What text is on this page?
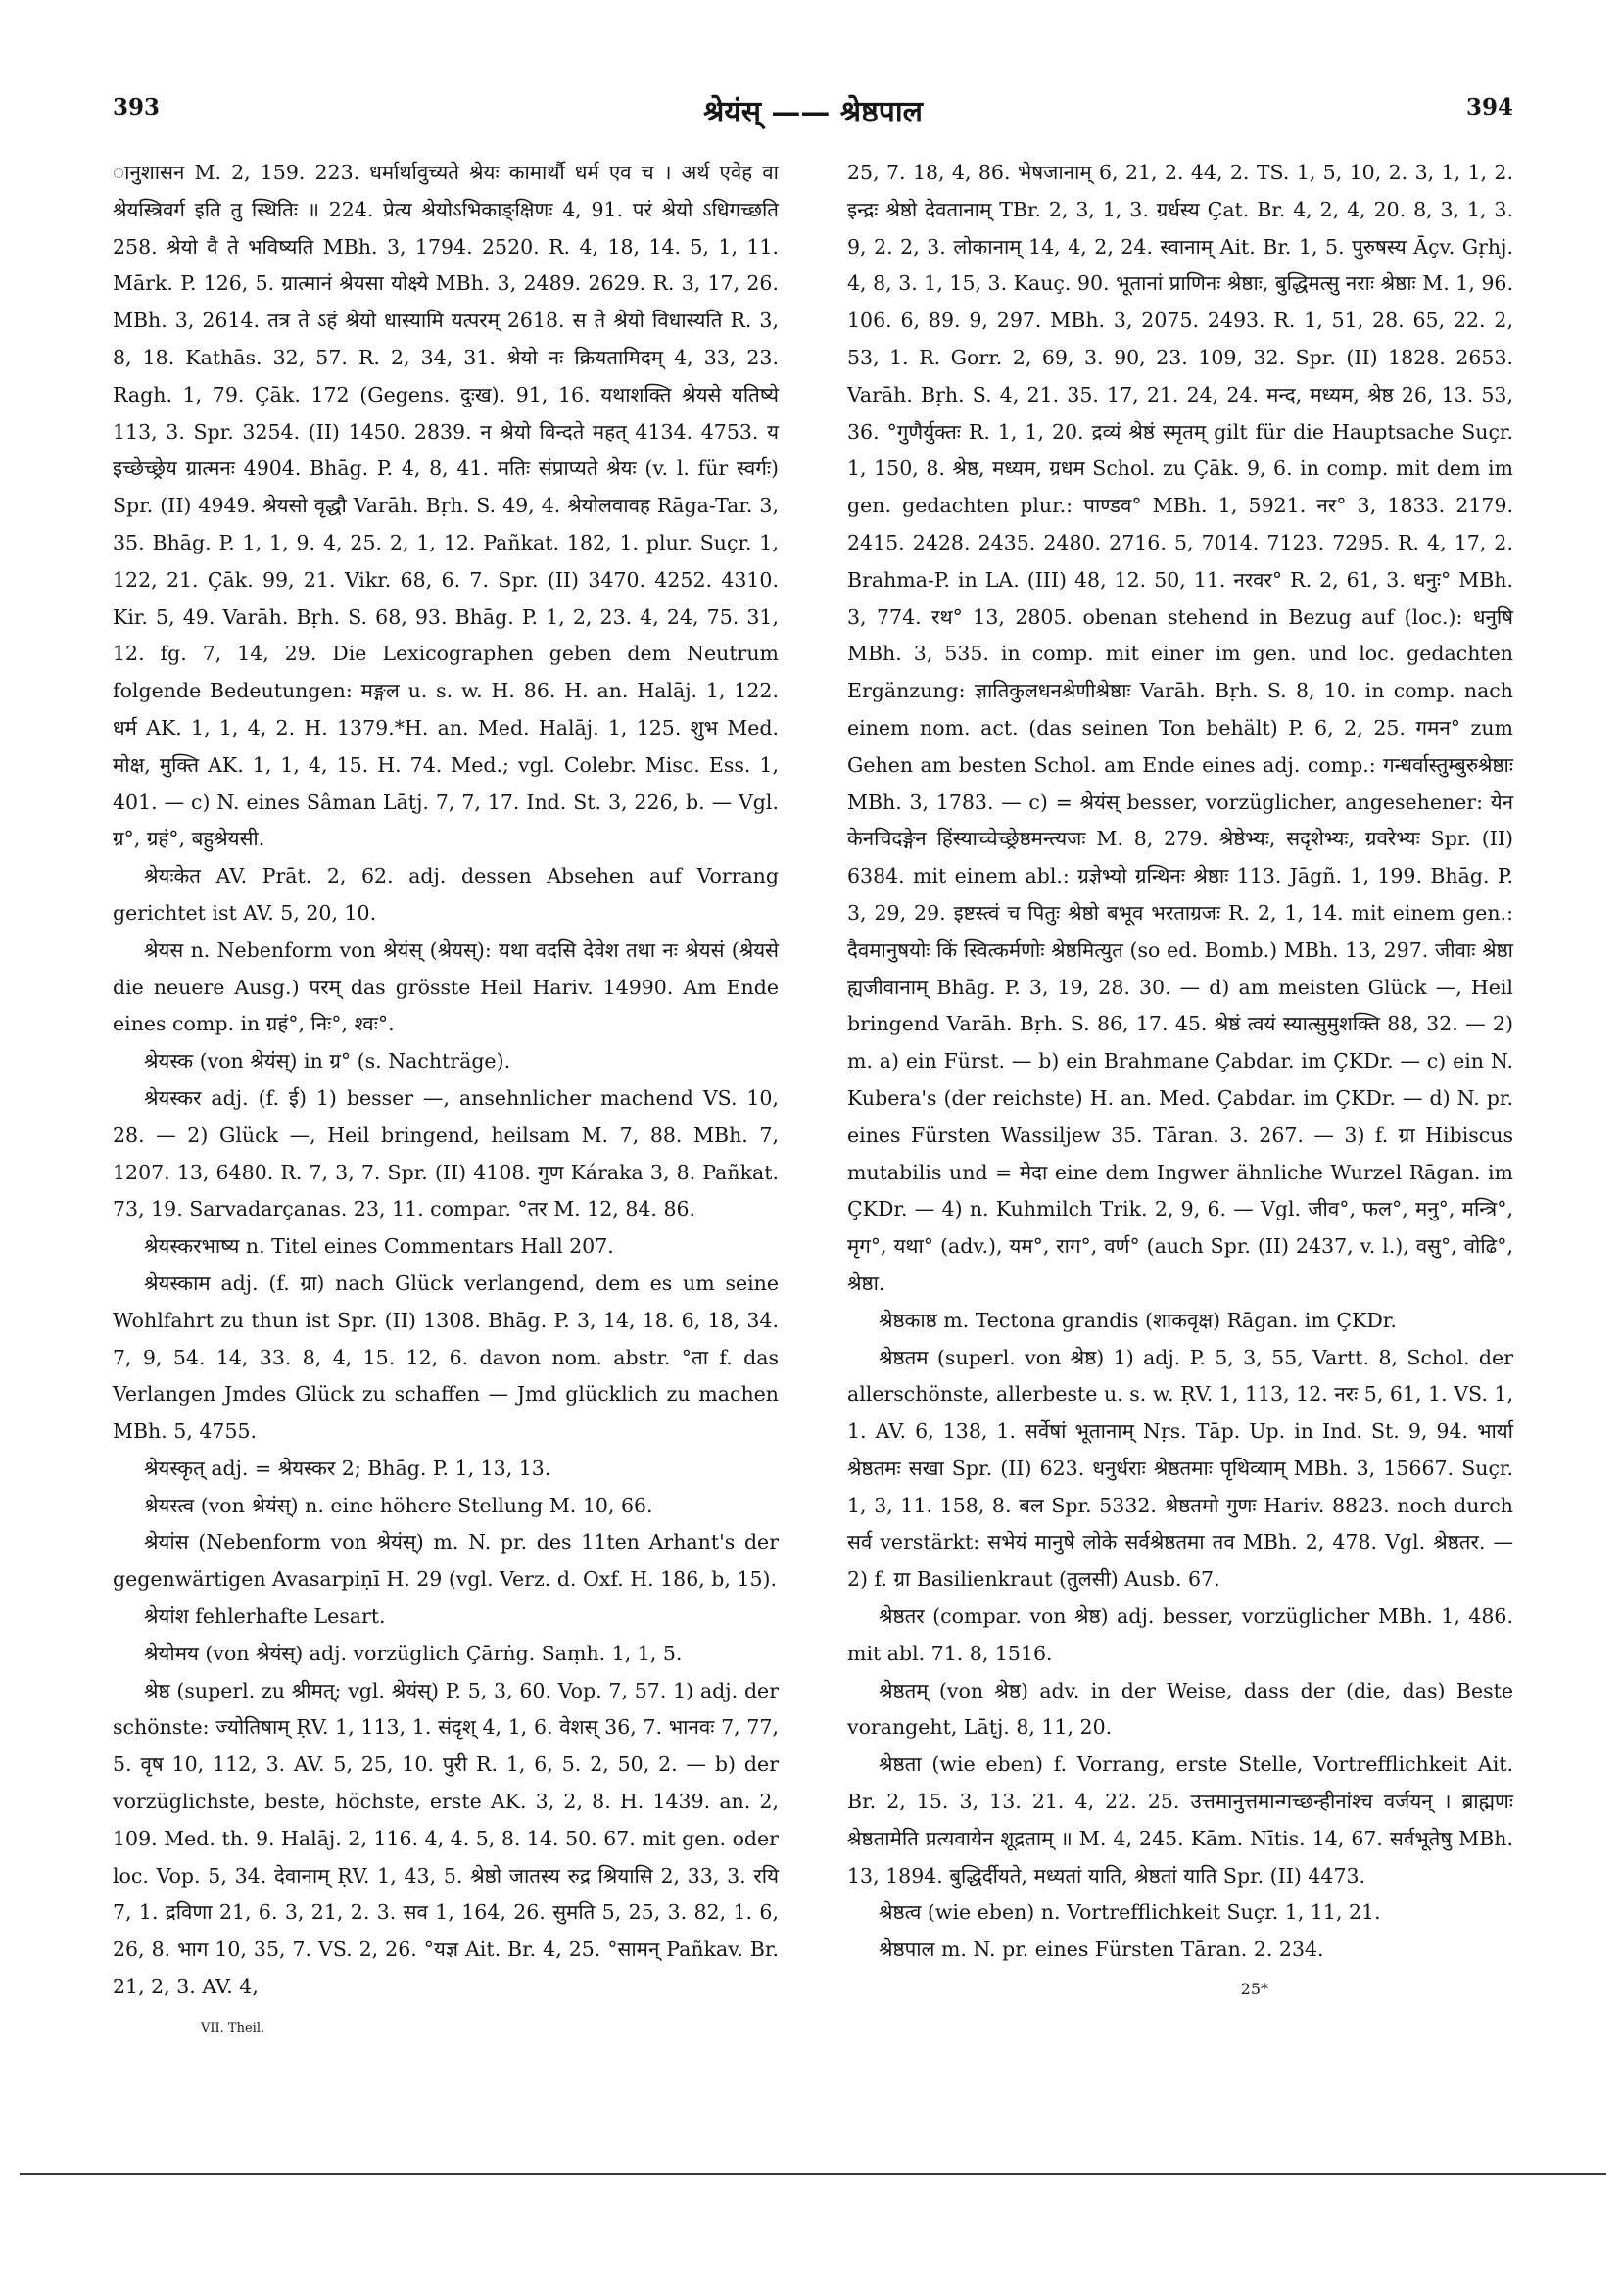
393	श्रेयंस् —— श्रेष्ठपाल	394

ानुशासन M. 2, 159. 223. धर्मार्थावुच्यते श्रेयः कामार्थौ धर्म एव च । अर्थ एवेह वा श्रेयस्त्रिवर्ग इति तु स्थितिः ॥ 224. प्रेत्य श्रेयोऽभिकाङ्क्षिणः 4, 91. परं श्रेयो ऽधिगच्छति 258. श्रेयो वै ते भविष्यति MBh. 3, 1794. 2520. R. 4, 18, 14. 5, 1, 11. Mārk. P. 126, 5. ग्रात्मानं श्रेयसा योक्ष्ये MBh. 3, 2489. 2629. R. 3, 17, 26. MBh. 3, 2614. तत्र ते ऽहं श्रेयो धास्यामि यत्परम् 2618. स ते श्रेयो विधास्यति R. 3, 8, 18. Kathās. 32, 57. R. 2, 34, 31. श्रेयो नः क्रियतामिदम् 4, 33, 23. Ragh. 1, 79. Çāk. 172 (Gegens. दुःख). 91, 16. यथाशक्ति श्रेयसे यतिष्ये 113, 3. Spr. 3254. (II) 1450. 2839. न श्रेयो विन्दते महत् 4134. 4753. य इच्छेच्छ्रेय ग्रात्मनः 4904. Bhāg. P. 4, 8, 41. मतिः संप्राप्यते श्रेयः (v. l. für स्वर्गः) Spr. (II) 4949. श्रेयसो वृद्धौ Varāh. Bṛh. S. 49, 4. श्रेयोलवावह Rāga-Tar. 3, 35. Bhāg. P. 1, 1, 9. 4, 25. 2, 1, 12. Pañkat. 182, 1. plur. Suçr. 1, 122, 21. Çāk. 99, 21. Vikr. 68, 6. 7. Spr. (II) 3470. 4252. 4310. Kir. 5, 49. Varāh. Bṛh. S. 68, 93. Bhāg. P. 1, 2, 23. 4, 24, 75. 31, 12. fg. 7, 14, 29. Die Lexicographen geben dem Neutrum folgende Bedeutungen: मङ्गल u. s. w. H. 86. H. an. Halāj. 1, 122. धर्म AK. 1, 1, 4, 2. H. 1379.*H. an. Med. Halāj. 1, 125. शुभ Med. मोक्ष, मुक्ति AK. 1, 1, 4, 15. H. 74. Med.; vgl. Colebr. Misc. Ess. 1, 401. — c) N. eines Sâman Lāṭj. 7, 7, 17. Ind. St. 3, 226, b. — Vgl. ग्र°, ग्रहं°, बहुश्रेयसी.

श्रेयःकेत AV. Prāt. 2, 62. adj. dessen Absehen auf Vorrang gerichtet ist AV. 5, 20, 10.

श्रेयस n. Nebenform von श्रेयंस् (श्रेयस्): यथा वदसि देवेश तथा नः श्रेयसं (श्रेयसे die neuere Ausg.) परम् das grösste Heil Hariv. 14990. Am Ende eines comp. in ग्रहं°, निः°, श्वः°.

श्रेयस्क (von श्रेयंस्) in ग्र° (s. Nachträge).

श्रेयस्कर adj. (f. ई) 1) besser —, ansehnlicher machend VS. 10, 28. — 2) Glück —, Heil bringend, heilsam M. 7, 88. MBh. 7, 1207. 13, 6480. R. 7, 3, 7. Spr. (II) 4108. गुण Káraka 3, 8. Pañkat. 73, 19. Sarvadarçanas. 23, 11. compar. °तर M. 12, 84. 86.

श्रेयस्करभाष्य n. Titel eines Commentars Hall 207.

श्रेयस्काम adj. (f. ग्रा) nach Glück verlangend, dem es um seine Wohlfahrt zu thun ist Spr. (II) 1308. Bhāg. P. 3, 14, 18. 6, 18, 34. 7, 9, 54. 14, 33. 8, 4, 15. 12, 6. davon nom. abstr. °ता f. das Verlangen Jmdes Glück zu schaffen — Jmd glücklich zu machen MBh. 5, 4755.

श्रेयस्कृत् adj. = श्रेयस्कर 2; Bhāg. P. 1, 13, 13.

श्रेयस्त्व (von श्रेयंस्) n. eine höhere Stellung M. 10, 66.

श्रेयांस (Nebenform von श्रेयंस्) m. N. pr. des 11ten Arhant's der gegenwärtigen Avasarpiṇī H. 29 (vgl. Verz. d. Oxf. H. 186, b, 15).

श्रेयांश fehlerhafte Lesart.

श्रेयोमय (von श्रेयंस्) adj. vorzüglich Çārṅg. Saṃh. 1, 1, 5.

श्रेष्ठ (superl. zu श्रीमत्; vgl. श्रेयंस्) P. 5, 3, 60. Vop. 7, 57. 1) adj. der schönste: ज्योतिषाम् ṚV. 1, 113, 1. संदृश् 4, 1, 6. वेशस् 36, 7. भानवः 7, 77, 5. वृष 10, 112, 3. AV. 5, 25, 10. पुरी R. 1, 6, 5. 2, 50, 2. — b) der vorzüglichste, beste, höchste, erste AK. 3, 2, 8. H. 1439. an. 2, 109. Med. th. 9. Halāj. 2, 116. 4, 4. 5, 8. 14. 50. 67. mit gen. oder loc. Vop. 5, 34. देवानाम् ṚV. 1, 43, 5. श्रेष्ठो जातस्य रुद्र श्रियासि 2, 33, 3. रयि 7, 1. द्रविणा 21, 6. 3, 21, 2. 3. सव 1, 164, 26. सुमति 5, 25, 3. 82, 1. 6, 26, 8. भाग 10, 35, 7. VS. 2, 26. °यज्ञ Ait. Br. 4, 25. °सामन् Pañkav. Br. 21, 2, 3. AV. 4,

VII. Theil.

25, 7. 18, 4, 86. भेषजानाम् 6, 21, 2. 44, 2. TS. 1, 5, 10, 2. 3, 1, 1, 2. इन्द्रः श्रेष्ठो देवतानाम् TBr. 2, 3, 1, 3. ग्रर्धस्य Çat. Br. 4, 2, 4, 20. 8, 3, 1, 3. 9, 2. 2, 3. लोकानाम् 14, 4, 2, 24. स्वानाम् Ait. Br. 1, 5. पुरुषस्य Āçv. Gṛhj. 4, 8, 3. 1, 15, 3. Kauç. 90. भूतानां प्राणिनः श्रेष्ठाः, बुद्धिमत्सु नराः श्रेष्ठाः M. 1, 96. 106. 6, 89. 9, 297. MBh. 3, 2075. 2493. R. 1, 51, 28. 65, 22. 2, 53, 1. R. Gorr. 2, 69, 3. 90, 23. 109, 32. Spr. (II) 1828. 2653. Varāh. Bṛh. S. 4, 21. 35. 17, 21. 24, 24. मन्द, मध्यम, श्रेष्ठ 26, 13. 53, 36. °गुणैर्युक्तः R. 1, 1, 20. द्रव्यं श्रेष्ठं स्मृतम् gilt für die Hauptsache Suçr. 1, 150, 8. श्रेष्ठ, मध्यम, ग्रधम Schol. zu Çāk. 9, 6. in comp. mit dem im gen. gedachten plur.: पाण्डव° MBh. 1, 5921. नर° 3, 1833. 2179. 2415. 2428. 2435. 2480. 2716. 5, 7014. 7123. 7295. R. 4, 17, 2. Brahma-P. in LA. (III) 48, 12. 50, 11. नरवर° R. 2, 61, 3. धनुः° MBh. 3, 774. रथ° 13, 2805. obenan stehend in Bezug auf (loc.): धनुषि MBh. 3, 535. in comp. mit einer im gen. und loc. gedachten Ergänzung: ज्ञातिकुलधनश्रेणीश्रेष्ठाः Varāh. Bṛh. S. 8, 10. in comp. nach einem nom. act. (das seinen Ton behält) P. 6, 2, 25. गमन° zum Gehen am besten Schol. am Ende eines adj. comp.: गन्धर्वास्तुम्बुरुश्रेष्ठाः MBh. 3, 1783. — c) = श्रेयंस् besser, vorzüglicher, angesehener: येन केनचिदङ्गेन हिंस्याच्चेच्छ्रेष्ठमन्त्यजः M. 8, 279. श्रेष्ठेभ्यः, सदृशेभ्यः, ग्रवरेभ्यः Spr. (II) 6384. mit einem abl.: ग्रज्ञेभ्यो ग्रन्थिनः श्रेष्ठाः 113. Jāgñ. 1, 199. Bhāg. P. 3, 29, 29. इष्टस्त्वं च पितुः श्रेष्ठो बभूव भरताग्रजः R. 2, 1, 14. mit einem gen.: दैवमानुषयोः किं स्वित्कर्मणोः श्रेष्ठमित्युत (so ed. Bomb.) MBh. 13, 297. जीवाः श्रेष्ठा ह्यजीवानाम् Bhāg. P. 3, 19, 28. 30. — d) am meisten Glück —, Heil bringend Varāh. Bṛh. S. 86, 17. 45. श्रेष्ठं त्वयं स्यात्सुमुशक्ति 88, 32. — 2) m. a) ein Fürst. — b) ein Brahmane Çabdar. im ÇKDr. — c) ein N. Kubera's (der reichste) H. an. Med. Çabdar. im ÇKDr. — d) N. pr. eines Fürsten Wassiljew 35. Tāran. 3. 267. — 3) f. ग्रा Hibiscus mutabilis und = मेदा eine dem Ingwer ähnliche Wurzel Rāgan. im ÇKDr. — 4) n. Kuhmilch Trik. 2, 9, 6. — Vgl. जीव°, फल°, मनु°, मन्त्रि°, मृग°, यथा° (adv.), यम°, राग°, वर्ण° (auch Spr. (II) 2437, v. l.), वसु°, वोढि°, श्रेष्ठा.

श्रेष्ठकाष्ठ m. Tectona grandis (शाकवृक्ष) Rāgan. im ÇKDr.

श्रेष्ठतम (superl. von श्रेष्ठ) 1) adj. P. 5, 3, 55, Vartt. 8, Schol. der allerschönste, allerbeste u. s. w. ṚV. 1, 113, 12. नरः 5, 61, 1. VS. 1, 1. AV. 6, 138, 1. सर्वेषां भूतानाम् Nṛs. Tāp. Up. in Ind. St. 9, 94. भार्या श्रेष्ठतमः सखा Spr. (II) 623. धनुर्धराः श्रेष्ठतमाः पृथिव्याम् MBh. 3, 15667. Suçr. 1, 3, 11. 158, 8. बल Spr. 5332. श्रेष्ठतमो गुणः Hariv. 8823. noch durch सर्व verstärkt: सभेयं मानुषे लोके सर्वश्रेष्ठतमा तव MBh. 2, 478. Vgl. श्रेष्ठतर. — 2) f. ग्रा Basilienkraut (तुलसी) Ausb. 67.

श्रेष्ठतर (compar. von श्रेष्ठ) adj. besser, vorzüglicher MBh. 1, 486. mit abl. 71. 8, 1516.

श्रेष्ठतम् (von श्रेष्ठ) adv. in der Weise, dass der (die, das) Beste vorangeht, Lāṭj. 8, 11, 20.

श्रेष्ठता (wie eben) f. Vorrang, erste Stelle, Vortrefflichkeit Ait. Br. 2, 15. 3, 13. 21. 4, 22. 25. उत्तमानुत्तमान्गच्छन्हीनांश्च वर्जयन् । ब्राह्मणः श्रेष्ठतामेति प्रत्यवायेन शूद्रताम् ॥ M. 4, 245. Kām. Nītis. 14, 67. सर्वभूतेषु MBh. 13, 1894. बुद्धिर्दीयते, मध्यतां याति, श्रेष्ठतां याति Spr. (II) 4473.

श्रेष्ठत्व (wie eben) n. Vortrefflichkeit Suçr. 1, 11, 21.

श्रेष्ठपाल m. N. pr. eines Fürsten Tāran. 2. 234.

25*
